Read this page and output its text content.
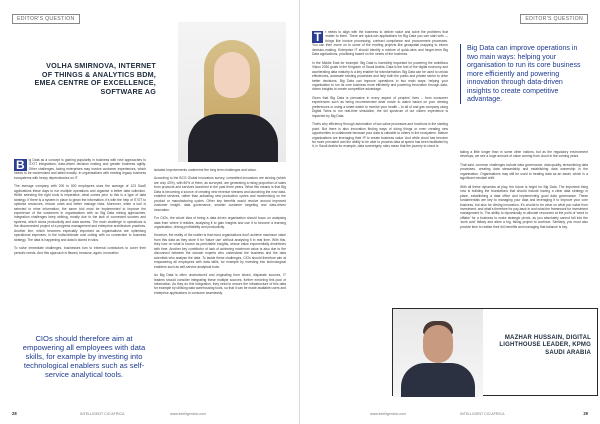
EDITOR'S QUESTION
VOLHA SMIRNOVA, INTERNET
OF THINGS & ANALYTICS BDM,
EMEA CENTRE OF EXCELLENCE,
SOFTWARE AG

B	ig Data as a concept is gaining popularity in business with new approaches to IT/OT integrations, data-driven decision making and greater business agility. Other challenges, facing enterprises may involve customer experiences, which needs to be modernised and tailed exactly. In organisations with existing legacy business ecosystems with heavy dependencies on IT.

The average company with 200 to 500 employees uses the average of 123 SaaS applications these days to run multiple operations and organise a better data collection. While selecting the right tools is imperative, what comes prior to this is a type of data strategy. If there is a system in place to glean the information, it's with the help of IT/OT to optimise resources, reduce costs and better manage risks. Moreover, when a tool is selected to mine information, the same tool must be implemented to improve the experience of the customers in organisations with no Big Data mining approaches. Integration challenges keep striking, mostly due to the lack of connected sources and systems, which slows productivity and data access. The main challenge in operations is the disconnected project of a progress management and enterprise architecture practices. Another line, which becomes especially important as organisations are optimising operational expenses, is the indiscriminate cost cutting with no connection to business strategy. The data is happening and data is stored in silos.

To solve immediate challenges, businesses turn to external contractors to cover their periodic needs. And this approach is flawed, because, again, innovation

isolated improvements undermine the long term challenges and vision.

According to the BCG Global Innovators survey, committed innovators are striving (which are only 43%), with 80% of them, as surveyed, are generating a rising proportion of sales from products and services launched in the past three years. What this means is that Big Data is becoming a source of creating new revenue streams and launching the new data-enabled services, rather than activating new production cycles and modernising on the product or manufacturing cycles. Other key benefits would revolve around improved customer insight, data governance, smarter customer targeting and data-driven innovation.

For CIOs, the whole idea of being a data driven organisation should focus on analysing data from where it resides, analysing it to gain insights and use it to become a learning organisation, driving profitability and productivity.

However, the reality of the matter is that most organisations don't achieve maximum value from this data as they store it for 'future use' without analysing it in real time. With this, they lose on what is known as perishable insights, whose value exponentially diminishes with time. Another key contributor of lack of achieving maximum value is also due to the disconnect between the domain experts who understand the business and the data scientists who analyse the data. To tackle these challenges, CIOs should therefore aim at empowering all employees with data skills, for example by investing into technological enablers such as self-service analytical tools.

As Big Data is often unstructured and originating from siloed, disparate sources, IT leaders should consider integrating these multiple sources, further enriching this pool of information. As they do this integration, they need to ensure the infrastructure of this data for example by utilising data warehousing tools, so that it can be made available users and enterprise applications to consume seamlessly.

CIOs should therefore aim at empowering all employees with data skills, for example by investing into technological enablers such as self-service analytical tools.
28	INTELLIGENT CIO AFRICA	www.intelligentcio.com
EDITOR'S QUESTION

T	t needs to align with the business to deliver value and solve the problems that matter to them. There are quick-win applications for Big Data you can start with — things like invoice processing, contract compliance and procurement processes. You can then move on to some of the exciting projects like geospatial mapping to inform decision-making. Enterprise IT should identify a mixture of quick-wins and longer-term Big Data applications, prioritising based on the needs of the business.

In the Middle East for example, Big Data is incredibly important for powering the ambitious Vision 2030 goals in the Kingdom of Saudi Arabia. Data is the fuel of the digital economy and accelerating data maturity is a key enabler for transformation. Big Data can be used to unlock efficiencies, automate existing processes and help both the public and private sector to drive better decisions. Big Data can improve operations in two main ways: helping your organisation to run its core business more efficiently and powering innovation through data-driven insights to create competitive advantage.

Given that Big Data is pervasive in every aspect of peoples' lives – from consumer experiences such as being recommended what movie to watch based on your viewing preferences or using a smart watch to monitor your health – to all of and gas company using Digital Twins to run real-time simulation, the full spectrum of our citizen experience is impacted by Big Data.

That's why efficiency through automation of low-value processes and functions is the starting point. But there is also innovation finding ways of doing things or even creating new opportunities to collaborate because your data is valuable to others in the ecosystem. Mature organisations are leveraging their IP to create business value. And while cloud has become far more prevalent and the ability to be able to process data at speed has been facilitated by it, in Saudi Arabia for example, data sovereignty rules mean that the journey to cloud is

Big Data can improve operations in two main ways: helping your organisation to run its core business more efficiently and powering innovation through data-driven insights to create competitive advantage.

taking a little longer than in some other nations, but as the regulatory environment develops, we see a huge amount of value coming from cloud in the coming years.

That said, common challenges include data governance, data quality, streamlining data processes, creating data stewardship and establishing data ownership in the organisation. Organisations may still be used to treating data as an asset, which is a significant mindset shift.

With all these dynamics at play, the future is bright for Big Data. The important thing now is building the foundations that should include having a clear data strategy in place, establishing a data office and implementing good data governance. These fundamentals are key to managing your data and leveraging it to improve your core business, but also for driving innovation. It's crucial to be clear on what you value from investment, and what's therefore for pay-back in and what the framework for investment management is. The ability to dynamically re-allocate resources at the point of 'seed to offtake' for a business to make strategic pivots, as you absolutely cannot fall into the 'sunk cost' fallacy and allow a big, failing project to continue. Similarly, you must also provide time to realise their full benefits and managing that balance is key.

MAZHAR HUSSAIN, DIGITAL
LIGHTHOUSE LEADER, KPMG
SAUDI ARABIA
www.intelligentcio.com	INTELLIGENT CIO AFRICA	29
